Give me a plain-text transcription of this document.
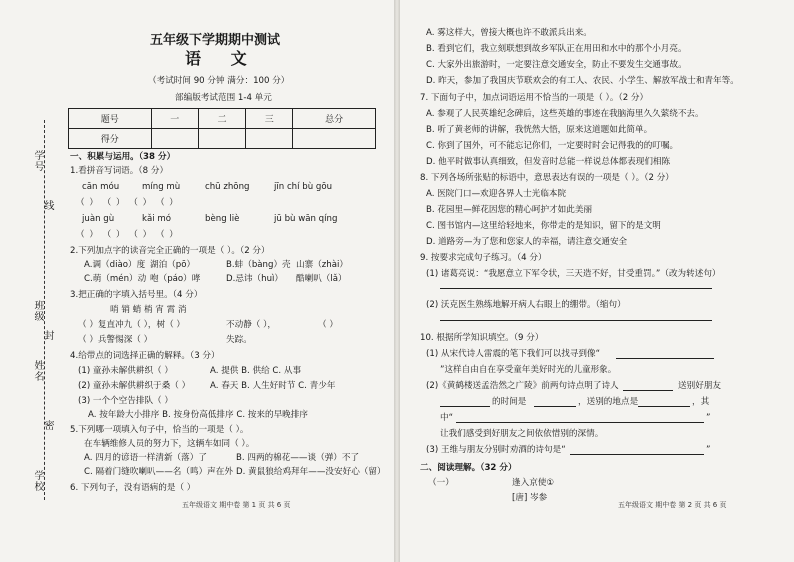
学号
班级
姓名
学校
线
封
密
五年级下学期期中测试
语 文
（考试时间 90 分钟 满分：100 分）
部编版考试范围 1-4 单元
题号	一	二	三	总分
得分				
一、积累与运用。（38 分）
1.看拼音写词语。（8 分）
cān móu	míng mù	chū zhōng	jīn chí bù gōu
（ ） （ ） （ ） （ ）
juàn gù	kǎi mó	bèng liè	jū bù wān qíng
（ ） （ ） （ ） （ ）
2.下列加点字的读音完全正确的一项是（ ）。（2 分）
A.调（diào）度 湖泊（pō）	B.蚌（bàng）壳 山寨（zhài）
C.萌（mén）动 咆（páo）哮	D.忌讳（huì） 酷喇叭（lǎ）
3.把正确的字填入括号里。（4 分）
哨 销 蛸 梢 宵 霄 消
（ ）复直冲九（ ），树（ ）	不动静（ ），	（ ）
（ ）兵警惕深（ ）	失踪。
4.给带点的词选择正确的解释。（3 分）
(1) 童孙未解供耕织（ ）	A. 提供 B. 供给 C. 从事
(2) 童孙未解供耕织于桑（ ） A. 春天 B. 人生好时节 C. 青少年
(3) 一个个空告排队（ ）
A. 按年龄大小排序 B. 按身份高低排序 C. 按来的早晚排序
5.下列哪一项填入句子中，恰当的一项是（ ）。
在车辆维修人员的努力下，这辆车如同（ ）。
A. 四月的谚语一样清新（落）了	B. 四两的棉花——谈（弹）不了
C. 隔着门缝吹喇叭——名（鸣）声在外 D. 黄鼠狼给鸡拜年——没安好心（留）
6. 下列句子，没有语病的是（ ）
五年级语文 期中卷 第 1 页 共 6 页
A. 雾这样大，曾接大概也许不敢派兵出来。
B. 看到它们，我立刻联想到故乡军队正在用田和水中的那个小月亮。
C. 大家外出旅游时，一定要注意交通安全，防止不要发生交通事故。
D. 昨天，参加了我国庆节联欢会的有工人、农民、小学生、解放军战士和青年等。
7. 下面句子中，加点词语运用不恰当的一项是（ ）。（2 分）
A. 参观了人民英雄纪念碑后，这些英雄的事迹在我脑海里久久萦绕不去。
B. 听了黄老师的讲解，我恍然大悟，原来这道题如此简单。
C. 你到了国外，可不能忘记你们，一定要时时会记得我的的叮嘱。
D. 他平时做事认真细致，但发音时总能一样说总体都表现们相陈
8. 下列各场所张贴的标语中，意思表达有误的一项是（ ）。（2 分）
A. 医院门口—欢迎各界人士光临本院
B. 花园里—鲜花因您的精心呵护才如此美丽
C. 图书馆内—这里给轻地来，你带走的是知识，留下的是文明
D. 道路旁—为了您和您家人的幸福，请注意交通安全
9. 按要求完成句子练习。（4 分）
(1) 诸葛亮说：“我愿意立下军令状，三天造不好，甘受重罚。”（改为转述句）
(2) 沃克医生熟练地解开病人右眼上的绷带。（缩句）
10. 根据所学知识填空。（9 分）
(1) 从宋代诗人雷震的笔下我们可以找寻到像“
”这样自由自在享受童年美好时光的儿童形象。
(2)《黄鹤楼送孟浩然之广陵》前两句诗点明了诗人	送别好朋友
的时间是	，送别的地点是	，其
中“	”
让我们感受到好朋友之间依依惜别的深情。
(3) 王维与朋友分别时劝酒的诗句是“	”
二、阅读理解。（32 分）
（一）	逢入京使①
[唐] 岑参
五年级语文 期中卷 第 2 页 共 6 页
